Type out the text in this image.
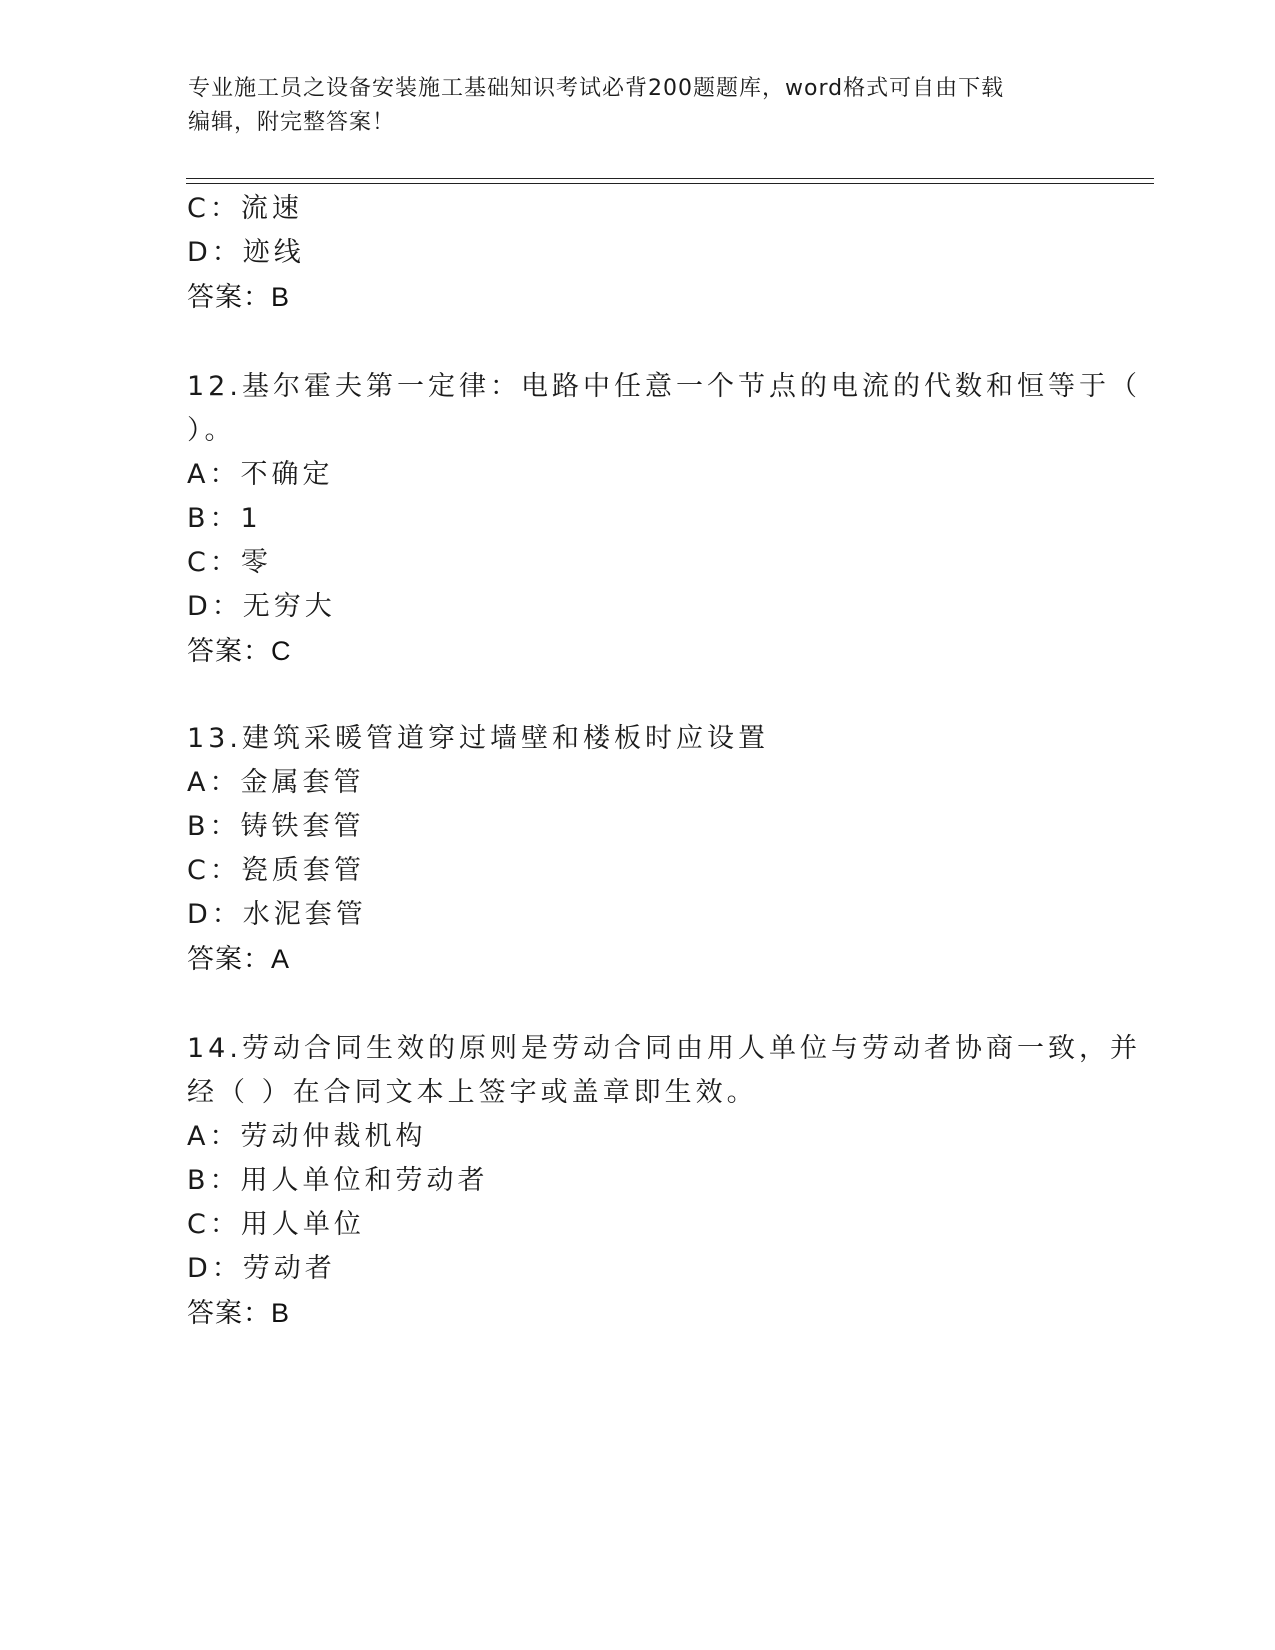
专业施工员之设备安装施工基础知识考试必背200题题库，word格式可自由下载
编辑，附完整答案！
C：流速
D：迹线
答案：B
12.基尔霍夫第一定律：电路中任意一个节点的电流的代数和恒等于（
）。
A：不确定
B：1
C：零
D：无穷大
答案：C
13.建筑采暖管道穿过墙壁和楼板时应设置
A：金属套管
B：铸铁套管
C：瓷质套管
D：水泥套管
答案：A
14.劳动合同生效的原则是劳动合同由用人单位与劳动者协商一致，并
经（ ）在合同文本上签字或盖章即生效。
A：劳动仲裁机构
B：用人单位和劳动者
C：用人单位
D：劳动者
答案：B
